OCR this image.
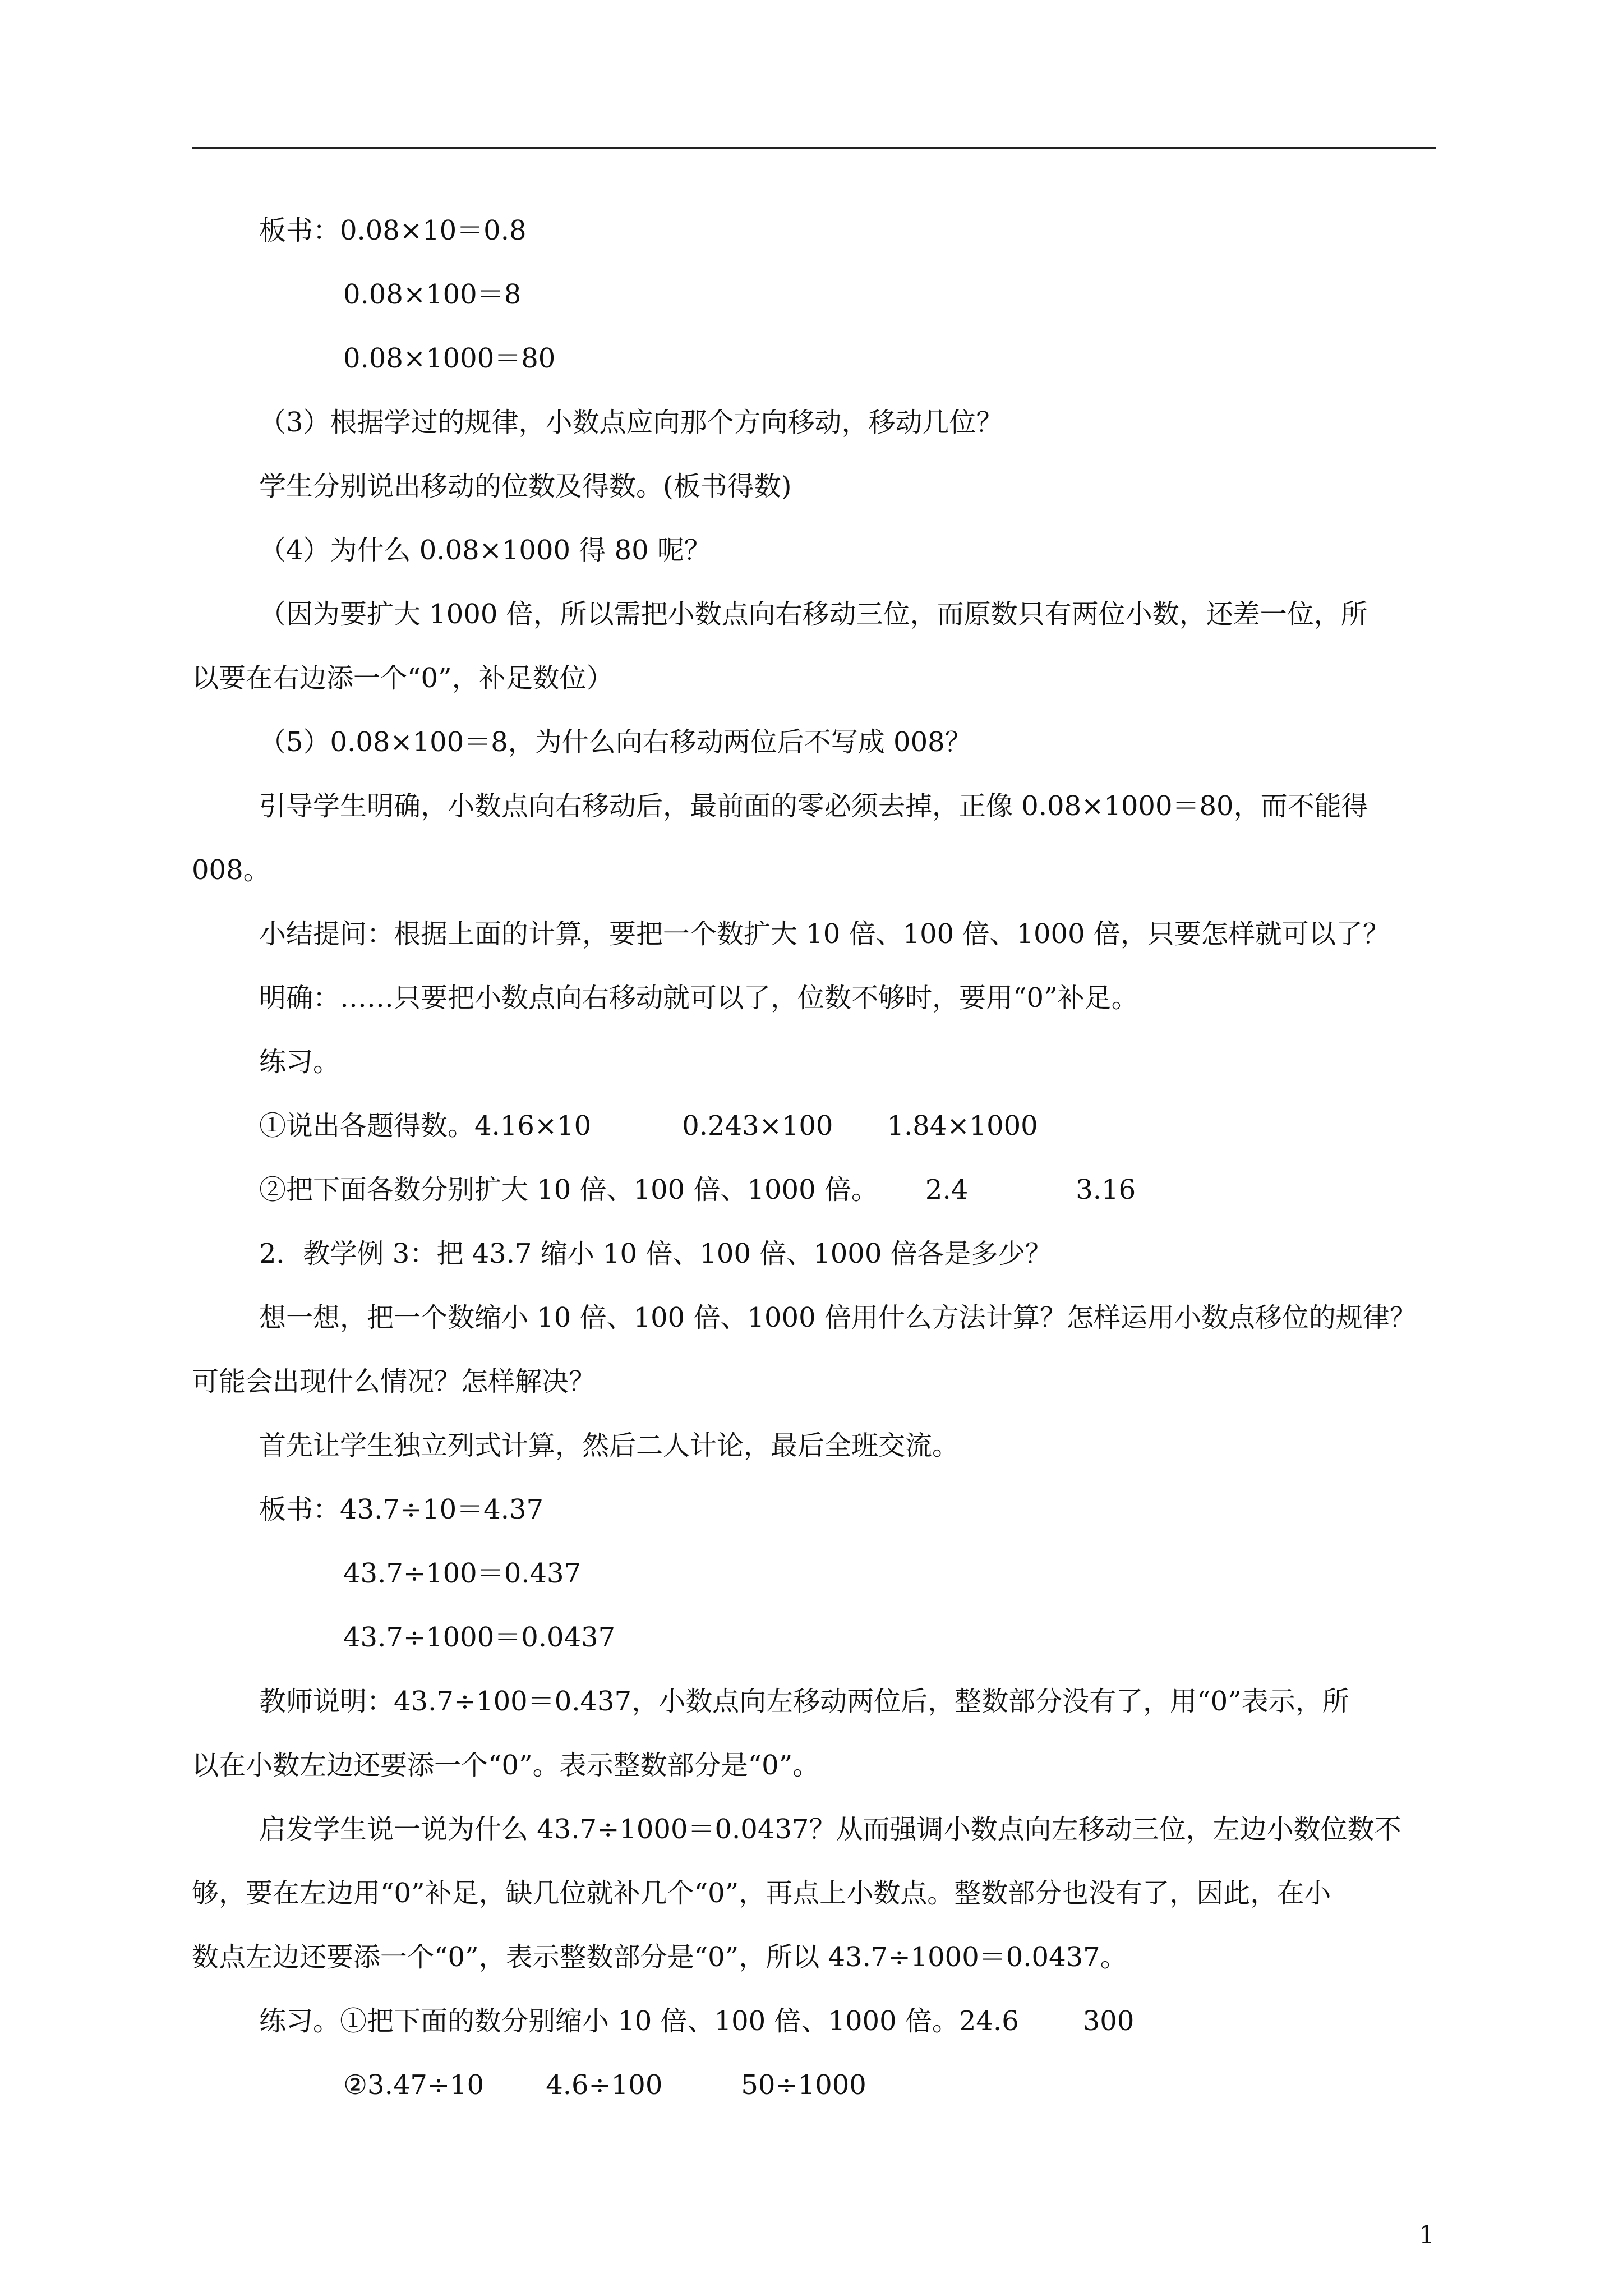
板书：0.08×10＝0.8
0.08×100＝8
0.08×1000＝80
（3）根据学过的规律，小数点应向那个方向移动，移动几位？
学生分别说出移动的位数及得数。(板书得数)
（4）为什么 0.08×1000 得 80 呢？
（因为要扩大 1000 倍，所以需把小数点向右移动三位，而原数只有两位小数，还差一位，所
以要在右边添一个“0”，补足数位）
（5）0.08×100＝8，为什么向右移动两位后不写成 008？
引导学生明确，小数点向右移动后，最前面的零必须去掉，正像 0.08×1000＝80，而不能得
008。
小结提问：根据上面的计算，要把一个数扩大 10 倍、100 倍、1000 倍，只要怎样就可以了？
明确：……只要把小数点向右移动就可以了，位数不够时，要用“0”补足。
练习。
①说出各题得数。4.16×10	0.243×100 1.84×1000
②把下面各数分别扩大 10 倍、100 倍、1000 倍。 2.4	3.16
2．教学例 3：把 43.7 缩小 10 倍、100 倍、1000 倍各是多少？
想一想，把一个数缩小 10 倍、100 倍、1000 倍用什么方法计算？怎样运用小数点移位的规律？
可能会出现什么情况？怎样解决？
首先让学生独立列式计算，然后二人计论，最后全班交流。
板书：43.7÷10＝4.37
43.7÷100＝0.437
43.7÷1000＝0.0437
教师说明：43.7÷100＝0.437，小数点向左移动两位后，整数部分没有了，用“0”表示，所
以在小数左边还要添一个“0”。表示整数部分是“0”。
启发学生说一说为什么 43.7÷1000＝0.0437？从而强调小数点向左移动三位，左边小数位数不
够，要在左边用“0”补足，缺几位就补几个“0”，再点上小数点。整数部分也没有了，因此，在小
数点左边还要添一个“0”，表示整数部分是“0”，所以 43.7÷1000＝0.0437。
练习。①把下面的数分别缩小 10 倍、100 倍、1000 倍。24.6 300
②3.47÷10 4.6÷100	50÷1000
1
